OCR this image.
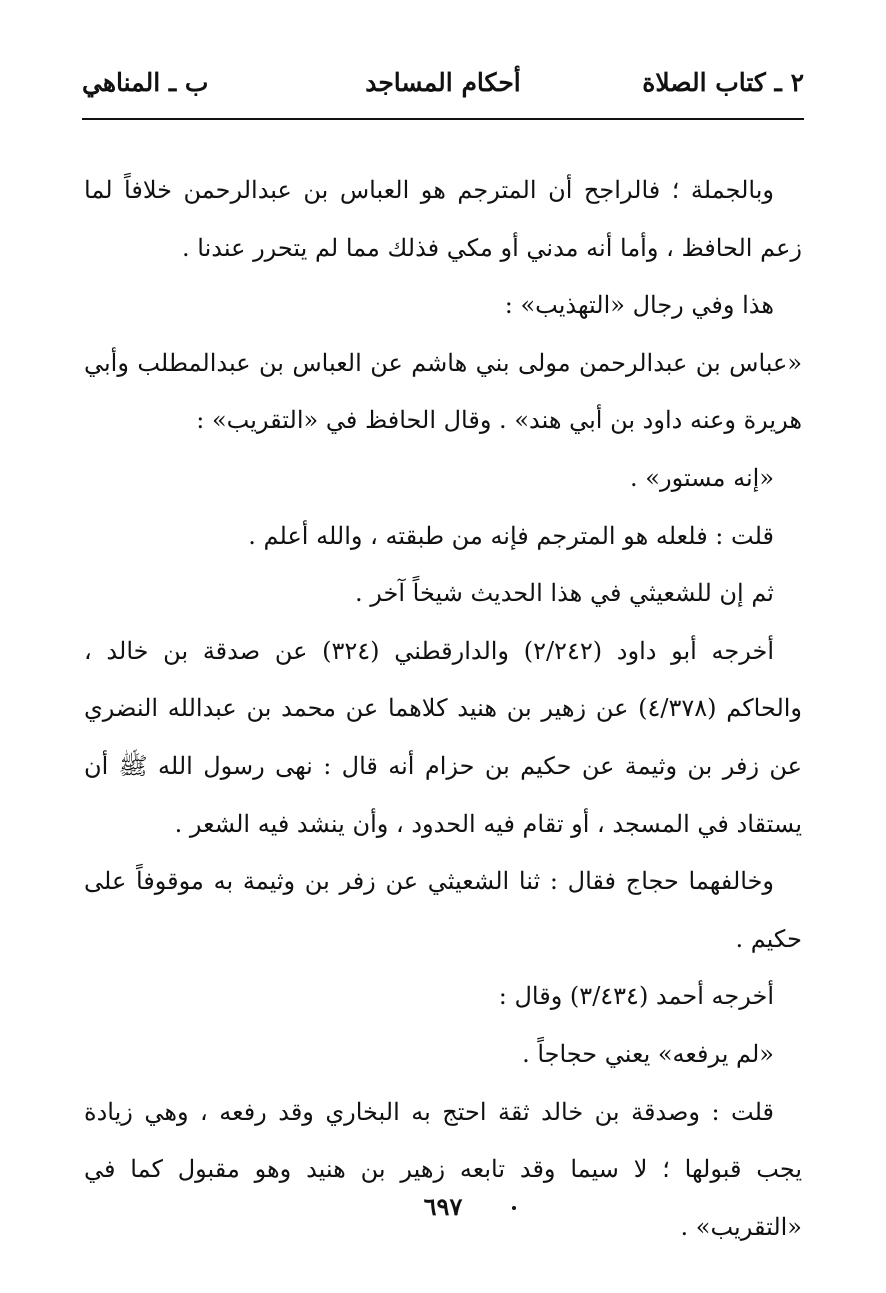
٢ ـ كتاب الصلاة
أحكام المساجد
ب ـ المناهي

وبالجملة ؛ فالراجح أن المترجم هو العباس بن عبدالرحمن خلافاً لما زعم الحافظ ، وأما أنه مدني أو مكي فذلك مما لم يتحرر عندنا .

هذا وفي رجال «التهذيب» :

«عباس بن عبدالرحمن مولى بني هاشم عن العباس بن عبدالمطلب وأبي هريرة وعنه داود بن أبي هند» . وقال الحافظ في «التقريب» :

«إنه مستور» .

قلت : فلعله هو المترجم فإنه من طبقته ، والله أعلم .

ثم إن للشعيثي في هذا الحديث شيخاً آخر .

أخرجه أبو داود (٢/٢٤٢) والدارقطني (٣٢٤) عن صدقة بن خالد ، والحاكم (٤/٣٧٨) عن زهير بن هنيد كلاهما عن محمد بن عبدالله النضري عن زفر بن وثيمة عن حكيم بن حزام أنه قال : نهى رسول الله ﷺ أن يستقاد في المسجد ، أو تقام فيه الحدود ، وأن ينشد فيه الشعر .

وخالفهما حجاج فقال : ثنا الشعيثي عن زفر بن وثيمة به موقوفاً على حكيم .

أخرجه أحمد (٣/٤٣٤) وقال :

«لم يرفعه» يعني حجاجاً .

قلت : وصدقة بن خالد ثقة احتج به البخاري وقد رفعه ، وهي زيادة يجب قبولها ؛ لا سيما وقد تابعه زهير بن هنيد وهو مقبول كما في «التقريب» .

٦٩٧
